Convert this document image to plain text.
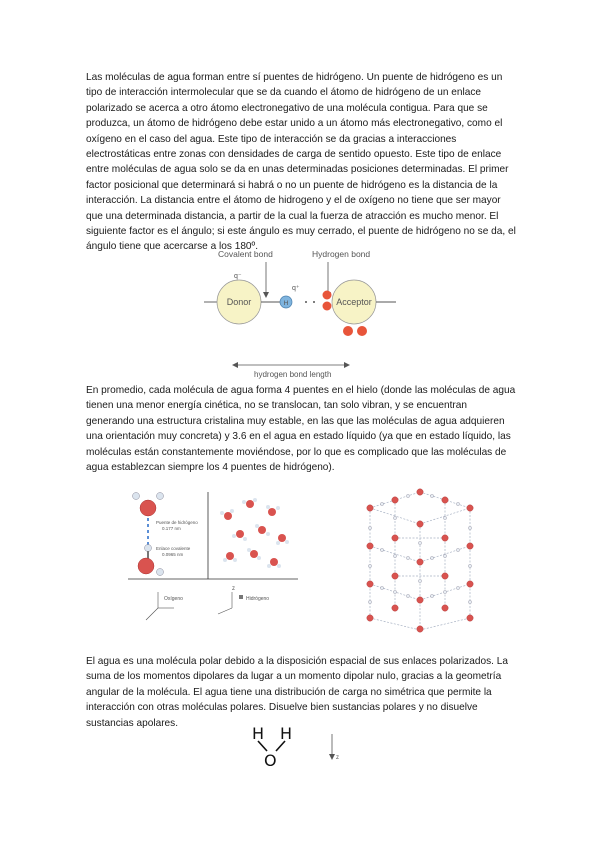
Las moléculas de agua forman entre sí puentes de hidrógeno. Un puente de hidrógeno es un tipo de interacción intermolecular que se da cuando el átomo de hidrógeno de un enlace polarizado se acerca a otro átomo electronegativo de una molécula contigua. Para que se produzca, un átomo de hidrógeno debe estar unido a un átomo más electronegativo, como el oxígeno en el caso del agua. Este tipo de interacción se da gracias a interacciones electrostáticas entre zonas con densidades de carga de sentido opuesto. Este tipo de enlace entre moléculas de agua solo se da en unas determinadas posiciones determinadas. El primer factor posicional que determinará si habrá o no un puente de hidrógeno es la distancia de la interacción. La distancia entre el átomo de hidrogeno y el de oxígeno no tiene que ser mayor que una determinada distancia, a partir de la cual la fuerza de atracción es mucho menor. El siguiente factor es el ángulo; si este ángulo es muy cerrado, el puente de hidrógeno no se da, el ángulo tiene que acercarse a los 180º.

Covalent bond	Hydrogen bond
Donor
q⁻
H
q⁺
Acceptor
hydrogen bond length

En promedio, cada molécula de agua forma 4 puentes en el hielo (donde las moléculas de agua tienen una menor energía cinética, no se translocan, tan solo vibran, y se encuentran generando una estructura cristalina muy estable, en las que las moléculas de agua adquieren una orientación muy concreta) y 3.6 en el agua en estado líquido (ya que en estado líquido, las moléculas están constantemente moviéndose, por lo que es complicado que las moléculas de agua establezcan siempre los 4 puentes de hidrógeno).

Puente de hidrógeno
0.177 nm
Enlace covalente
0.0965 nm
Oxígeno
z
Hidrógeno

El agua es una molécula polar debido a la disposición espacial de sus enlaces polarizados. La suma de los momentos dipolares da lugar a un momento dipolar nulo, gracias a la geometría angular de la molécula. El agua tiene una distribución de carga no simétrica que permite la interacción con otras moléculas polares. Disuelve bien sustancias polares y no disuelve sustancias apolares.

H H
O	z
